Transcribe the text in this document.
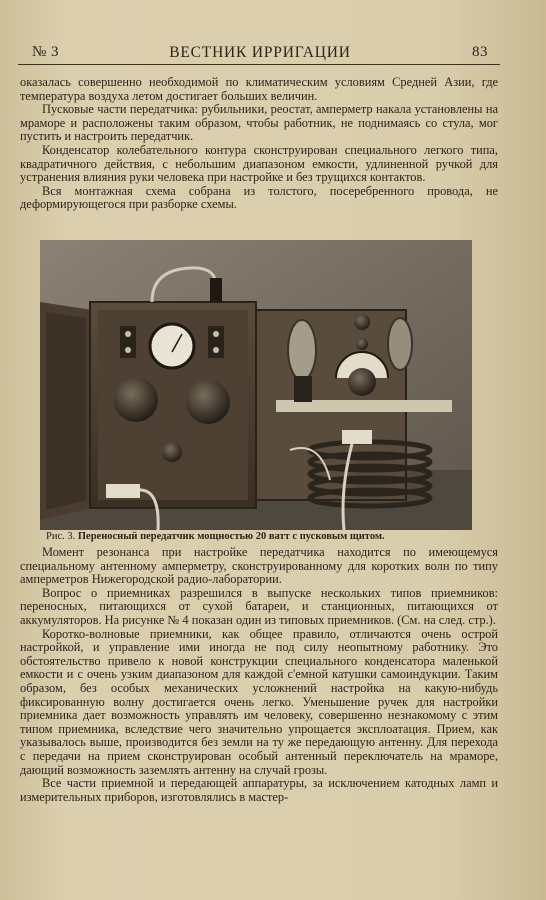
№ 3	ВЕСТНИК ИРРИГАЦИИ	83

оказалась совершенно необходимой по климатическим условиям Средней Азии, где температура воздуха летом достигает больших величин.

Пусковые части передатчика: рубильники, реостат, амперметр накала установлены на мраморе и расположены таким образом, чтобы работник, не поднимаясь со стула, мог пустить и настроить передатчик.

Конденсатор колебательного контура сконструирован специального легкого типа, квадратичного действия, с небольшим диапазоном емкости, удлиненной ручкой для устранения влияния руки человека при настройке и без трущихся контактов.

Вся монтажная схема собрана из толстого, посеребренного провода, не деформирующегося при разборке схемы.

Рис. 3. Переносный передатчик мощностью 20 ватт с пусковым щитом.

Момент резонанса при настройке передатчика находится по имеющемуся специальному антенному амперметру, сконструированному для коротких волн по типу амперметров Нижегородской радио-лаборатории.

Вопрос о приемниках разрешился в выпуске нескольких типов приемников: переносных, питающихся от сухой батареи, и станционных, питающихся от аккумуляторов. На рисунке № 4 показан один из типовых приемников. (См. на след. стр.).

Коротко-волновые приемники, как общее правило, отличаются очень острой настройкой, и управление ими иногда не под силу неопытному работнику. Это обстоятельство привело к новой конструкции специального конденсатора маленькой емкости и с очень узким диапазоном для каждой с'емной катушки самоиндукции. Таким образом, без особых механических усложнений настройка на какую-нибудь фиксированную волну достигается очень легко. Уменьшение ручек для настройки приемника дает возможность управлять им человеку, совершенно незнакомому с этим типом приемника, вследствие чего значительно упрощается эксплоатация. Прием, как указывалось выше, производится без земли на ту же передающую антенну. Для перехода с передачи на прием сконструирован особый антенный переключатель на мраморе, дающий возможность заземлять антенну на случай грозы.

Все части приемной и передающей аппаратуры, за исключением катодных ламп и измерительных приборов, изготовлялись в мастер-
